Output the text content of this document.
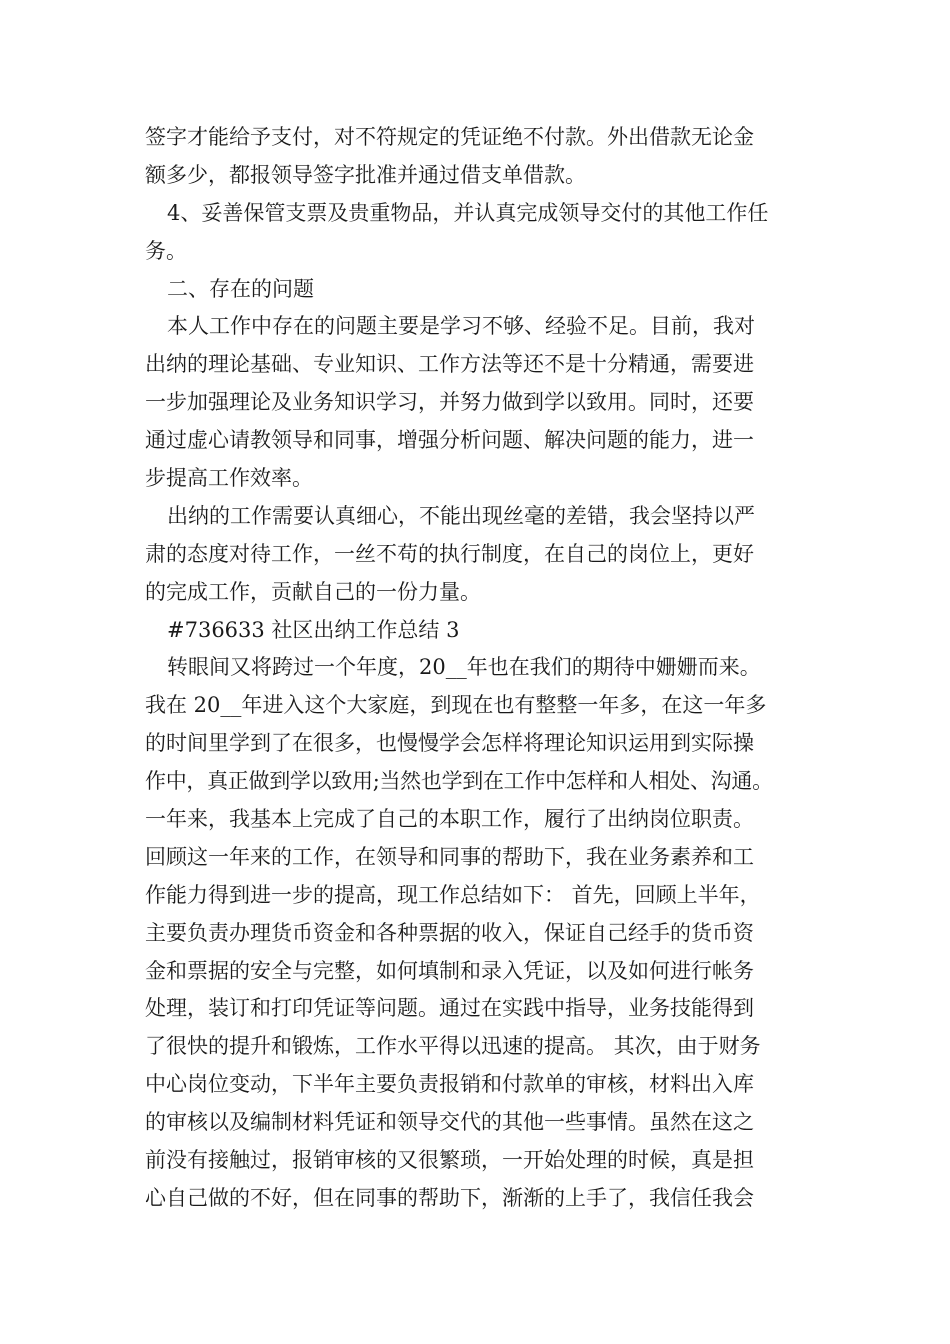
签字才能给予支付，对不符规定的凭证绝不付款。外出借款无论金
额多少，都报领导签字批准并通过借支单借款。
4、妥善保管支票及贵重物品，并认真完成领导交付的其他工作任
务。
二、存在的问题
本人工作中存在的问题主要是学习不够、经验不足。目前，我对
出纳的理论基础、专业知识、工作方法等还不是十分精通，需要进
一步加强理论及业务知识学习，并努力做到学以致用。同时，还要
通过虚心请教领导和同事，增强分析问题、解决问题的能力，进一
步提高工作效率。
出纳的工作需要认真细心，不能出现丝毫的差错，我会坚持以严
肃的态度对待工作，一丝不苟的执行制度，在自己的岗位上，更好
的完成工作，贡献自己的一份力量。
#736633 社区出纳工作总结 3
转眼间又将跨过一个年度，20__年也在我们的期待中姗姗而来。
我在 20__年进入这个大家庭，到现在也有整整一年多，在这一年多
的时间里学到了在很多，也慢慢学会怎样将理论知识运用到实际操
作中，真正做到学以致用;当然也学到在工作中怎样和人相处、沟通。
一年来，我基本上完成了自己的本职工作，履行了出纳岗位职责。
回顾这一年来的工作，在领导和同事的帮助下，我在业务素养和工
作能力得到进一步的提高，现工作总结如下： 首先，回顾上半年，
主要负责办理货币资金和各种票据的收入，保证自己经手的货币资
金和票据的安全与完整，如何填制和录入凭证，以及如何进行帐务
处理，装订和打印凭证等问题。通过在实践中指导，业务技能得到
了很快的提升和锻炼，工作水平得以迅速的提高。 其次，由于财务
中心岗位变动，下半年主要负责报销和付款单的审核，材料出入库
的审核以及编制材料凭证和领导交代的其他一些事情。虽然在这之
前没有接触过，报销审核的又很繁琐，一开始处理的时候，真是担
心自己做的不好，但在同事的帮助下，渐渐的上手了，我信任我会
